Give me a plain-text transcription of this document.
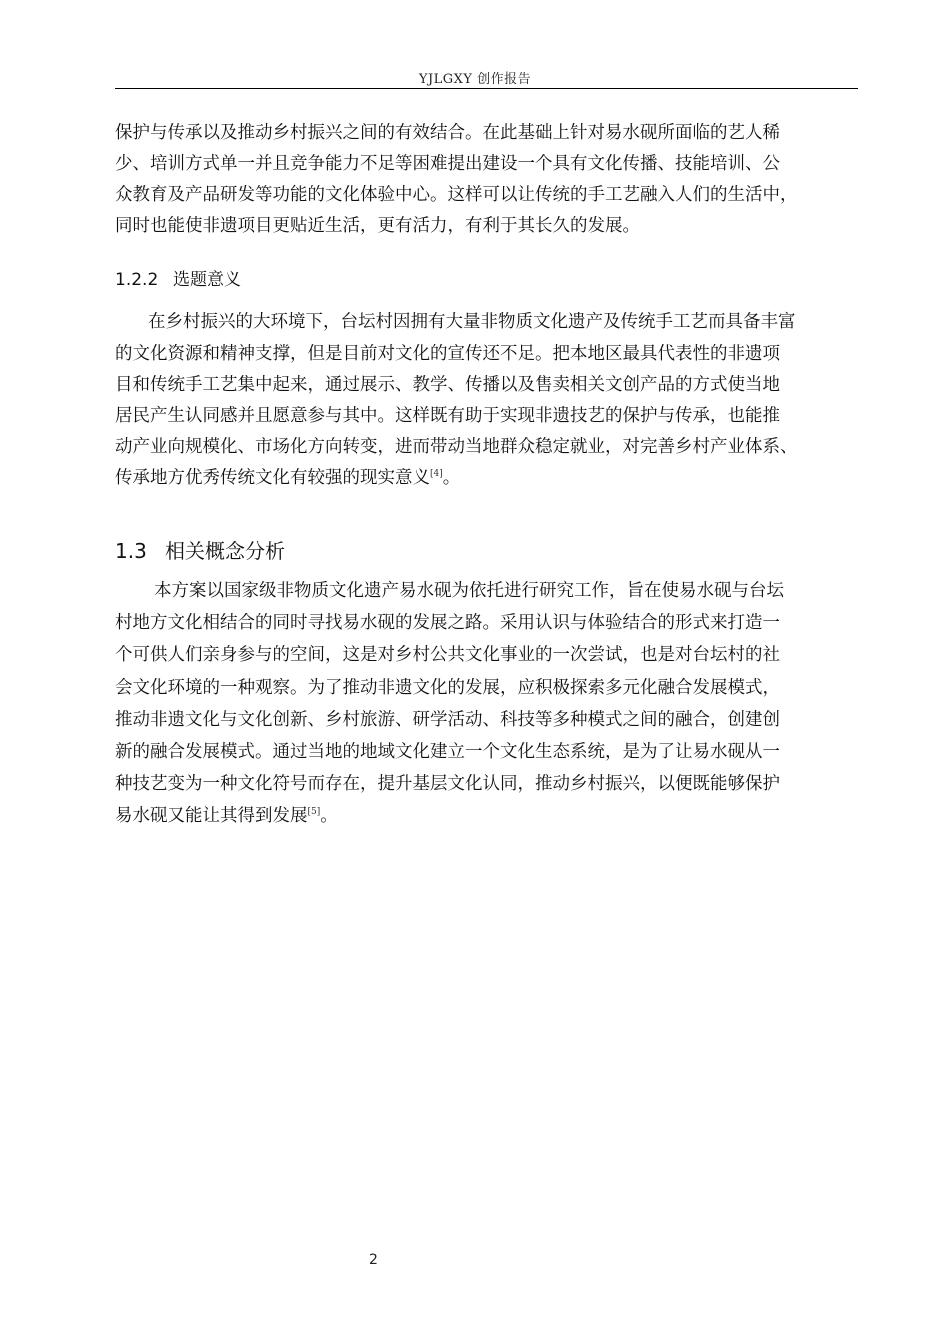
YJLGXY 创作报告
保护与传承以及推动乡村振兴之间的有效结合。在此基础上针对易水砚所面临的艺人稀
少、培训方式单一并且竞争能力不足等困难提出建设一个具有文化传播、技能培训、公
众教育及产品研发等功能的文化体验中心。这样可以让传统的手工艺融入人们的生活中，
同时也能使非遗项目更贴近生活，更有活力，有利于其长久的发展。
1.2.2 选题意义
在乡村振兴的大环境下，台坛村因拥有大量非物质文化遗产及传统手工艺而具备丰富
的文化资源和精神支撑，但是目前对文化的宣传还不足。把本地区最具代表性的非遗项
目和传统手工艺集中起来，通过展示、教学、传播以及售卖相关文创产品的方式使当地
居民产生认同感并且愿意参与其中。这样既有助于实现非遗技艺的保护与传承，也能推
动产业向规模化、市场化方向转变，进而带动当地群众稳定就业，对完善乡村产业体系、
传承地方优秀传统文化有较强的现实意义[4]。
1.3 相关概念分析
本方案以国家级非物质文化遗产易水砚为依托进行研究工作，旨在使易水砚与台坛
村地方文化相结合的同时寻找易水砚的发展之路。采用认识与体验结合的形式来打造一
个可供人们亲身参与的空间，这是对乡村公共文化事业的一次尝试，也是对台坛村的社
会文化环境的一种观察。为了推动非遗文化的发展，应积极探索多元化融合发展模式，
推动非遗文化与文化创新、乡村旅游、研学活动、科技等多种模式之间的融合，创建创
新的融合发展模式。通过当地的地域文化建立一个文化生态系统，是为了让易水砚从一
种技艺变为一种文化符号而存在，提升基层文化认同，推动乡村振兴，以便既能够保护
易水砚又能让其得到发展[5]。
2
